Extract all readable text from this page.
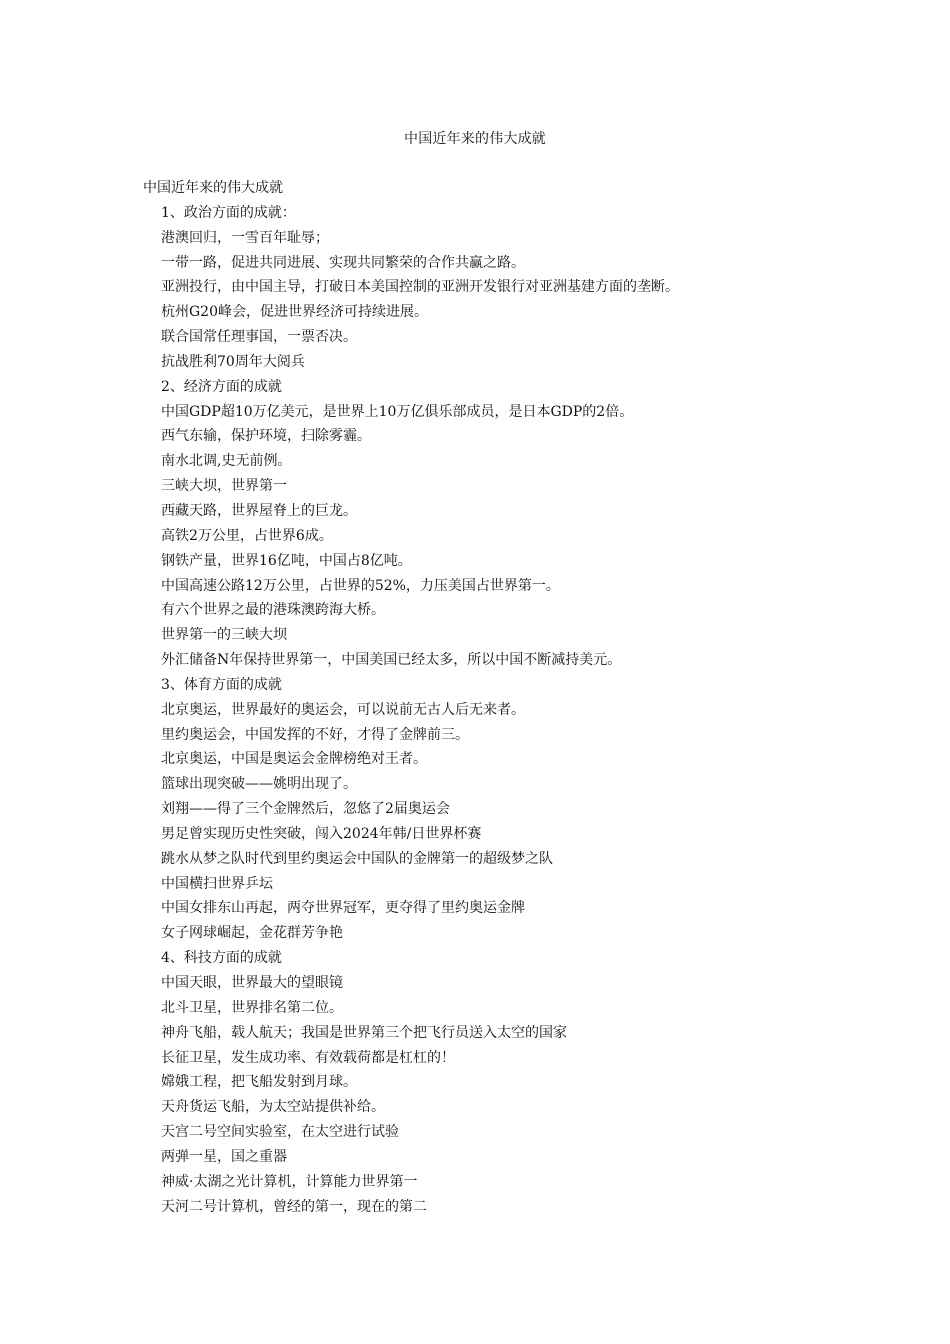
中国近年来的伟大成就
中国近年来的伟大成就
1、政治方面的成就：
港澳回归，一雪百年耻辱；
一带一路，促进共同进展、实现共同繁荣的合作共赢之路。
亚洲投行，由中国主导，打破日本美国控制的亚洲开发银行对亚洲基建方面的垄断。
杭州G20峰会，促进世界经济可持续进展。
联合国常任理事国，一票否决。
抗战胜利70周年大阅兵
2、经济方面的成就
中国GDP超10万亿美元，是世界上10万亿俱乐部成员，是日本GDP的2倍。
西气东输，保护环境，扫除雾霾。
南水北调,史无前例。
三峡大坝，世界第一
西藏天路，世界屋脊上的巨龙。
高铁2万公里，占世界6成。
钢铁产量，世界16亿吨，中国占8亿吨。
中国高速公路12万公里，占世界的52%，力压美国占世界第一。
有六个世界之最的港珠澳跨海大桥。
世界第一的三峡大坝
外汇储备N年保持世界第一，中国美国已经太多，所以中国不断减持美元。
3、体育方面的成就
北京奥运，世界最好的奥运会，可以说前无古人后无来者。
里约奥运会，中国发挥的不好，才得了金牌前三。
北京奥运，中国是奥运会金牌榜绝对王者。
篮球出现突破——姚明出现了。
刘翔——得了三个金牌然后，忽悠了2届奥运会
男足曾实现历史性突破，闯入2024年韩/日世界杯赛
跳水从梦之队时代到里约奥运会中国队的金牌第一的超级梦之队
中国横扫世界乒坛
中国女排东山再起，两夺世界冠军，更夺得了里约奥运金牌
女子网球崛起，金花群芳争艳
4、科技方面的成就
中国天眼，世界最大的望眼镜
北斗卫星，世界排名第二位。
神舟飞船，载人航天；我国是世界第三个把飞行员送入太空的国家
长征卫星，发生成功率、有效载荷都是杠杠的！
嫦娥工程，把飞船发射到月球。
天舟货运飞船，为太空站提供补给。
天宫二号空间实验室，在太空进行试验
两弹一星，国之重器
神威·太湖之光计算机，计算能力世界第一
天河二号计算机，曾经的第一，现在的第二
